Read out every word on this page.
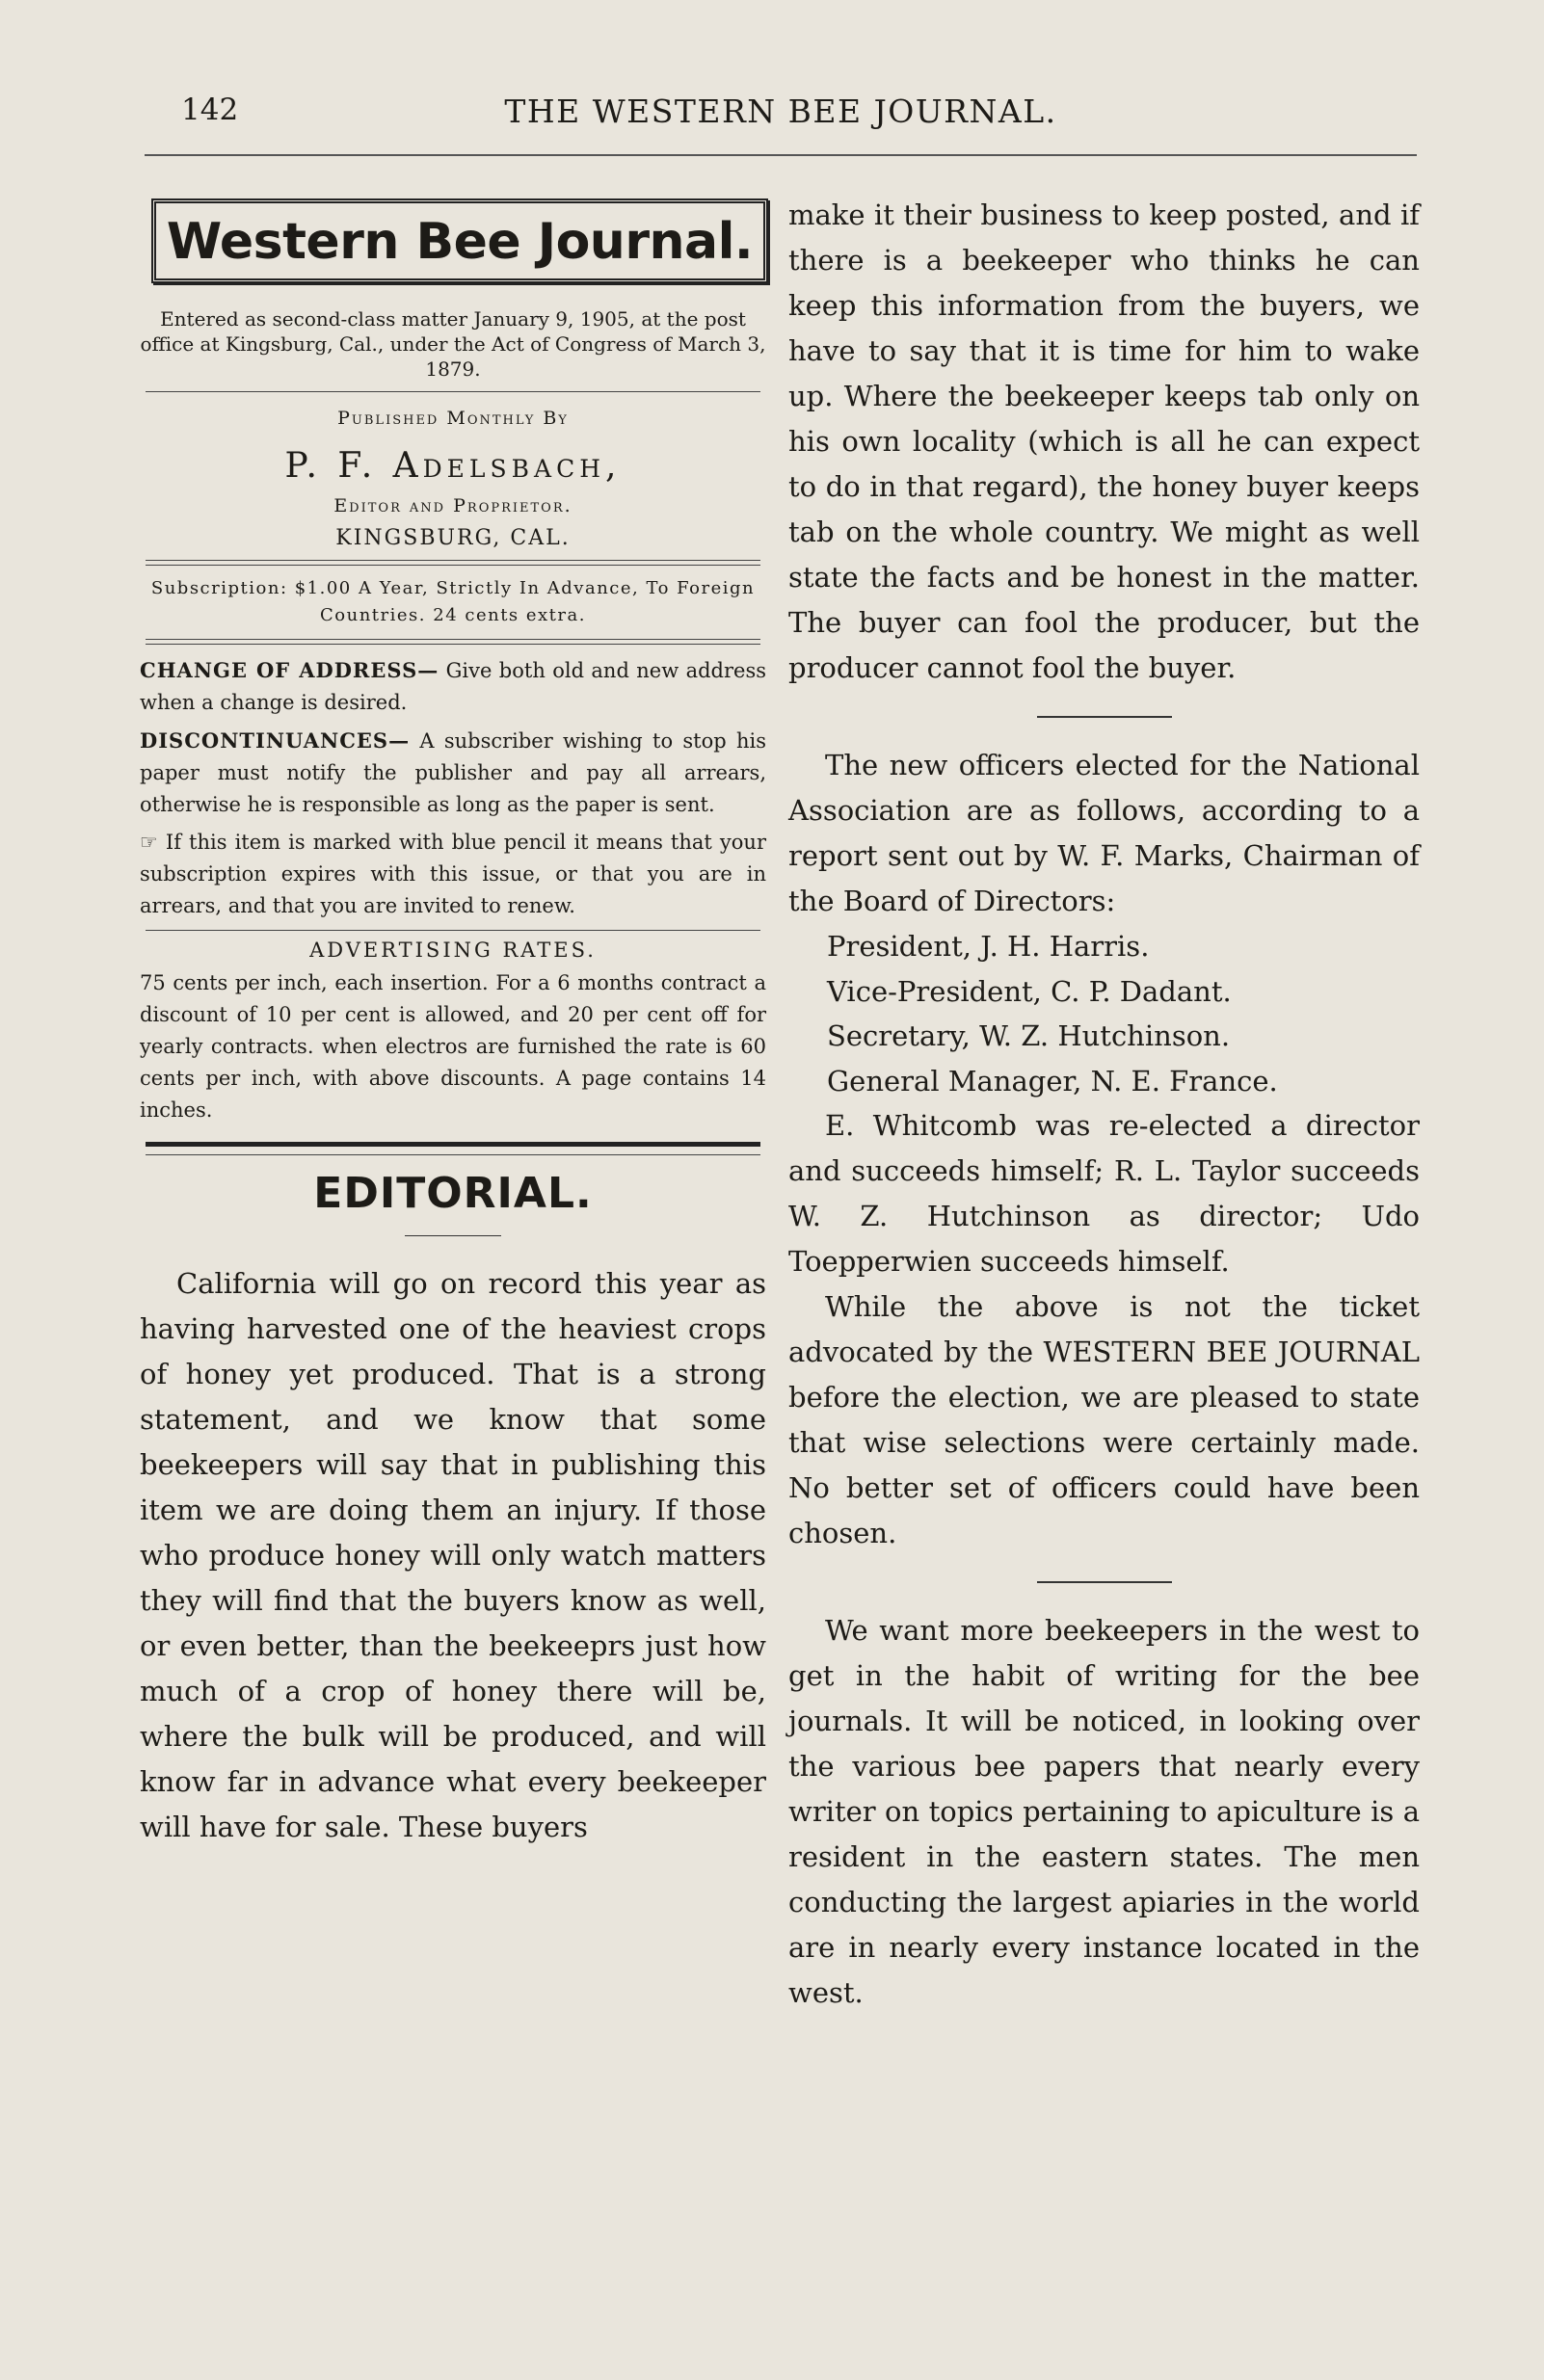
142	THE WESTERN BEE JOURNAL.
Western Bee Journal.
Entered as second-class matter January 9, 1905, at the post office at Kingsburg, Cal., under the Act of Congress of March 3, 1879.
Published Monthly By
P. F. Adelsbach,
Editor and Proprietor.
KINGSBURG, CAL.
Subscription: $1.00 A Year, Strictly In Advance, To Foreign Countries. 24 cents extra.
CHANGE OF ADDRESS— Give both old and new address when a change is desired.
DISCONTINUANCES— A subscriber wishing to stop his paper must notify the publisher and pay all arrears, otherwise he is responsible as long as the paper is sent.
☞ If this item is marked with blue pencil it means that your subscription expires with this issue, or that you are in arrears, and that you are invited to renew.
ADVERTISING RATES.
75 cents per inch, each insertion. For a 6 months contract a discount of 10 per cent is allowed, and 20 per cent off for yearly contracts. when electros are furnished the rate is 60 cents per inch, with above discounts. A page contains 14 inches.
EDITORIAL.
California will go on record this year as having harvested one of the heaviest crops of honey yet produced. That is a strong statement, and we know that some beekeepers will say that in publishing this item we are doing them an injury. If those who produce honey will only watch matters they will find that the buyers know as well, or even better, than the beekeeprs just how much of a crop of honey there will be, where the bulk will be produced, and will know far in advance what every beekeeper will have for sale. These buyers
make it their business to keep posted, and if there is a beekeeper who thinks he can keep this information from the buyers, we have to say that it is time for him to wake up. Where the beekeeper keeps tab only on his own locality (which is all he can expect to do in that regard), the honey buyer keeps tab on the whole country. We might as well state the facts and be honest in the matter. The buyer can fool the producer, but the producer cannot fool the buyer.
The new officers elected for the National Association are as follows, according to a report sent out by W. F. Marks, Chairman of the Board of Directors:
President, J. H. Harris.
Vice-President, C. P. Dadant.
Secretary, W. Z. Hutchinson.
General Manager, N. E. France.
E. Whitcomb was re-elected a director and succeeds himself; R. L. Taylor succeeds W. Z. Hutchinson as director; Udo Toepperwien succeeds himself.
While the above is not the ticket advocated by the WESTERN BEE JOURNAL before the election, we are pleased to state that wise selections were certainly made. No better set of officers could have been chosen.
We want more beekeepers in the west to get in the habit of writing for the bee journals. It will be noticed, in looking over the various bee papers that nearly every writer on topics pertaining to apiculture is a resident in the eastern states. The men conducting the largest apiaries in the world are in nearly every instance located in the west.
